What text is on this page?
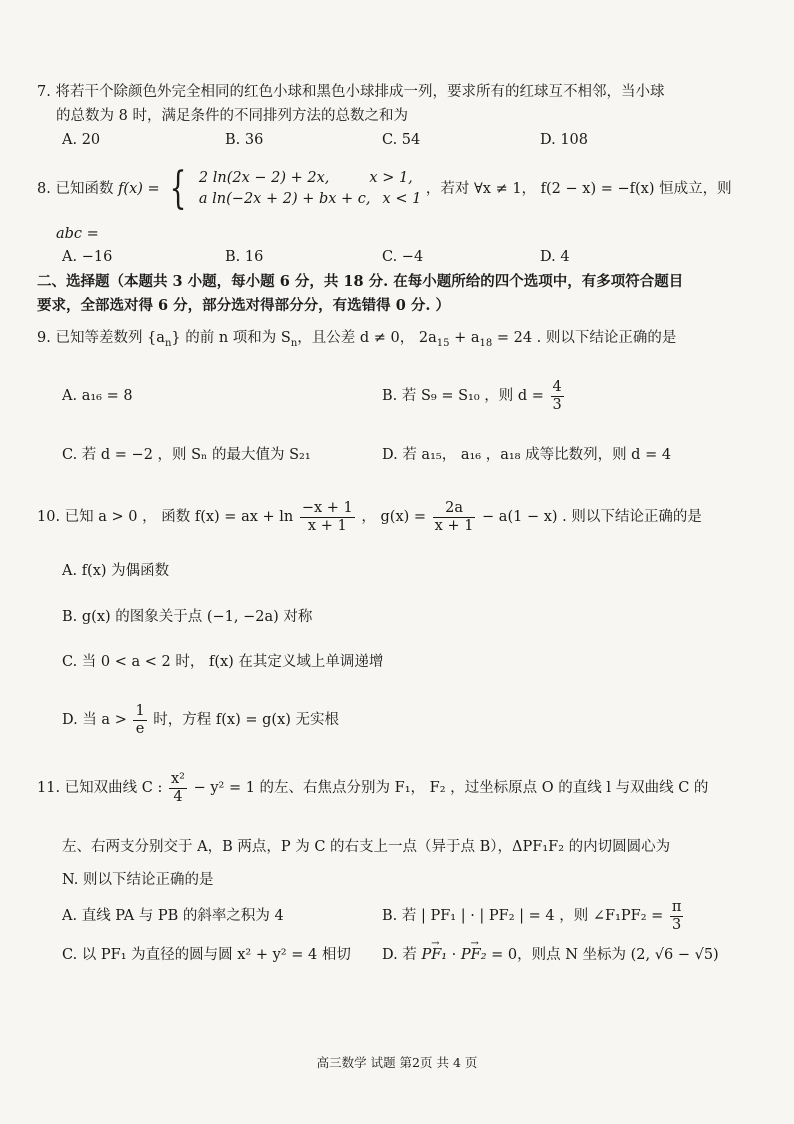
7. 将若干个除颜色外完全相同的红色小球和黑色小球排成一列，要求所有的红球互不相邻，当小球
的总数为 8 时，满足条件的不同排列方法的总数之和为
A. 20	B. 36	C. 54	D. 108
8. 已知函数 f(x) = { 2 ln(2x − 2) + 2x,	x > 1,
a ln(−2x + 2) + bx + c, x < 1
，若对 ∀x ≠ 1， f(2 − x) = −f(x) 恒成立，则
abc =
A. −16	B. 16	C. −4	D. 4
二、选择题（本题共 3 小题，每小题 6 分，共 18 分. 在每小题所给的四个选项中，有多项符合题目
要求，全部选对得 6 分，部分选对得部分分，有选错得 0 分. ）
9. 已知等差数列 $\{a_n\}$ 的前 n 项和为 $S_n$，且公差 d ≠ 0， $2a_{15} + a_{18} = 24$ . 则以下结论正确的是
A. a₁₆ = 8	B. 若 S₉ = S₁₀ ，则 $d = \frac{4}{3}$
C. 若 d = −2 ，则 Sₙ 的最大值为 S₂₁	D. 若 a₁₅， a₁₆ ，a₁₈ 成等比数列，则 d = 4
10. 已知 a > 0 ， 函数 f(x) = ax + $\ln \frac{-x + 1}{x + 1}$ ， $g(x) = \frac{2a}{x + 1} - a(1 - x)$ . 则以下结论正确的是
A. f(x) 为偶函数
B. g(x) 的图象关于点 (−1, −2a) 对称
C. 当 0 < a < 2 时， f(x) 在其定义域上单调递增
D. 当 $a > \frac{1}{e}$ 时，方程 f(x) = g(x) 无实根
11. 已知双曲线 C : $\frac{\text{x²}}{4} - y^2 = 1$ 的左、右焦点分别为 F₁， F₂ ，过坐标原点 O 的直线 l 与双曲线 C 的
左、右两支分别交于 A，B 两点，P 为 C 的右支上一点（异于点 B），ΔPF₁F₂ 的内切圆圆心为
N. 则以下结论正确的是
A. 直线 PA 与 PB 的斜率之积为 4	B. 若 | PF₁ | · | PF₂ | = 4 ，则 ∠F₁PF₂ = $\frac{\pi}{3}$
C. 以 PF₁ 为直径的圆与圆 x² + y² = 4 相切 D. 若 → PF₁ · → PF₂ = 0，则点 N 坐标为 (2, √6 − √5)
高三数学 试题 第2页 共 4 页
